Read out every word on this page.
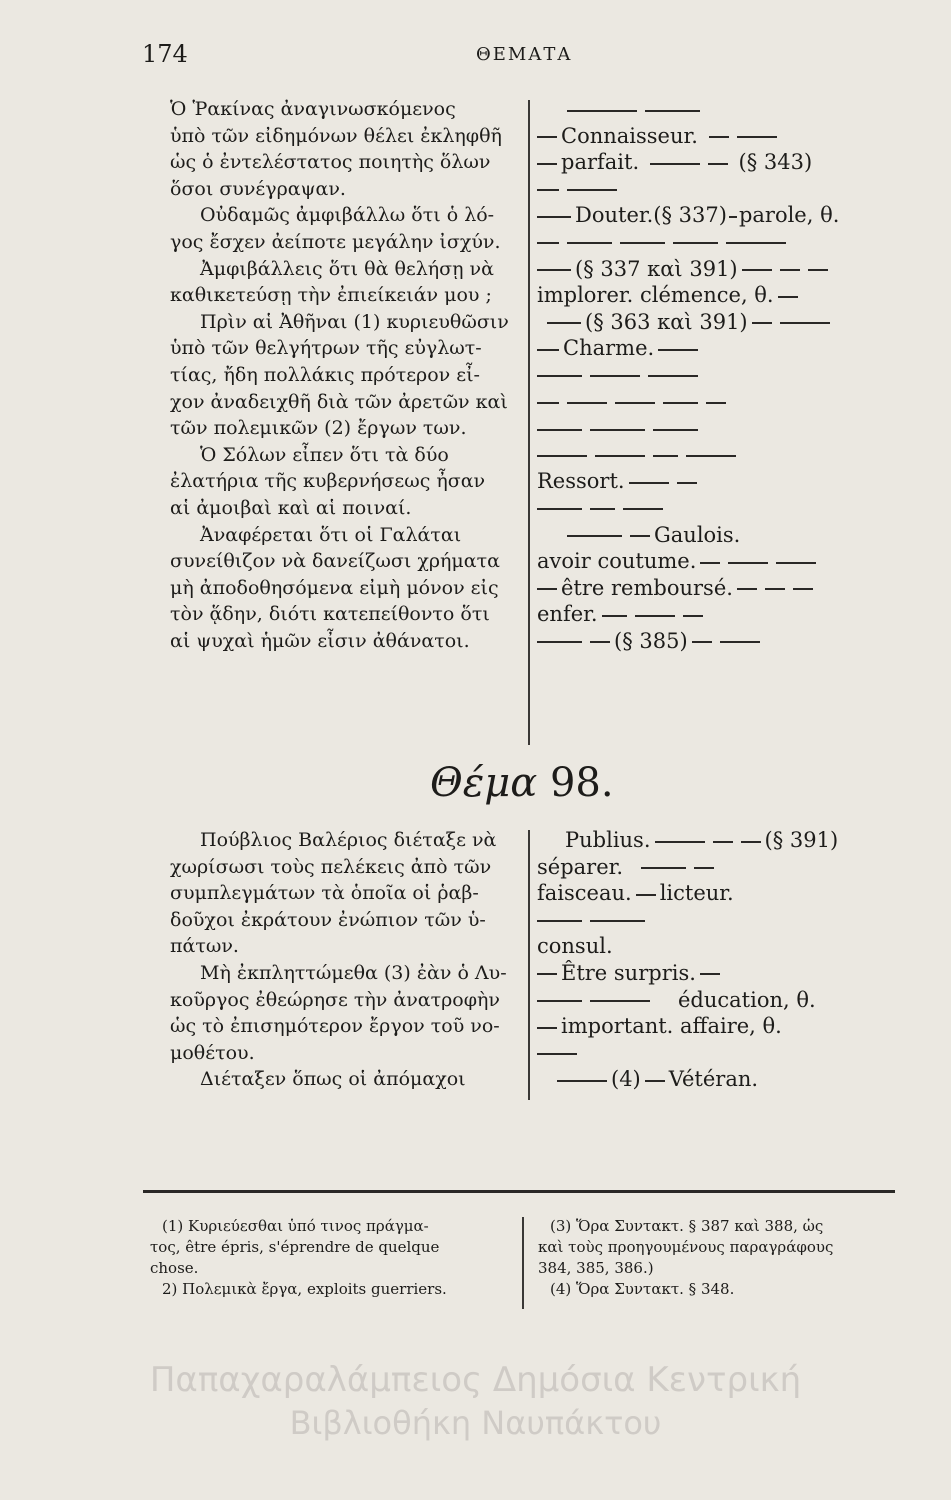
174	ΘΕΜΑΤΑ
Ὁ Ῥακίνας ἀναγινωσκόμενος
ὑπὸ τῶν εἰδημόνων θέλει ἐκληφθῆ
ὡς ὁ ἐντελέστατος ποιητὴς ὅλων
ὅσοι συνέγραψαν.
Οὐδαμῶς ἀμφιβάλλω ὅτι ὁ λό-
γος ἔσχεν ἀείποτε μεγάλην ἰσχύν.
Ἀμφιβάλλεις ὅτι θὰ θελήσῃ νὰ
καθικετεύσῃ τὴν ἐπιείκειάν μου ;
Πρὶν αἱ Ἀθῆναι (1) κυριευθῶσιν
ὑπὸ τῶν θελγήτρων τῆς εὐγλωτ-
τίας, ἤδη πολλάκις πρότερον εἶ-
χον ἀναδειχθῆ διὰ τῶν ἀρετῶν καὶ
τῶν πολεμικῶν (2) ἔργων των.
Ὁ Σόλων εἶπεν ὅτι τὰ δύο
ἐλατήρια τῆς κυβερνήσεως ἦσαν
αἱ ἀμοιβαὶ καὶ αἱ ποιναί.
Ἀναφέρεται ὅτι οἱ Γαλάται
συνείθιζον νὰ δανείζωσι χρήματα
μὴ ἀποδοθησόμενα εἰμὴ μόνον εἰς
τὸν ᾅδην, διότι κατεπείθοντο ὅτι
αἱ ψυχαὶ ἡμῶν εἶσιν ἀθάνατοι.
Connaisseur.
parfait.	(§ 343)
Douter.(§ 337) parole, θ.
(§ 337 καὶ 391)
implorer. clémence, θ.
(§ 363 καὶ 391)
Charme.
Ressort.
Gaulois.
avoir coutume.
être remboursé.
enfer.
(§ 385)
Θέμα 98.
Πούβλιος Βαλέριος διέταξε νὰ
χωρίσωσι τοὺς πελέκεις ἀπὸ τῶν
συμπλεγμάτων τὰ ὁποῖα οἱ ῥαβ-
δοῦχοι ἐκράτουν ἐνώπιον τῶν ὑ-
πάτων.
Μὴ ἐκπληττώμεθα (3) ἐὰν ὁ Λυ-
κοῦργος ἐθεώρησε τὴν ἀνατροφὴν
ὡς τὸ ἐπισημότερον ἔργον τοῦ νο-
μοθέτου.
Διέταξεν ὅπως οἱ ἀπόμαχοι
Publius.	(§ 391)
séparer.
faisceau. licteur.
consul.
Être surpris.
éducation, θ.
important. affaire, θ.
(4) Vétéran.
(1) Κυριεύεσθαι ὑπό τινος πράγμα-
τος, être épris, s'éprendre de quelque
chose.
2) Πολεμικὰ ἔργα, exploits guerriers.
(3) Ὅρα Συντακτ. § 387 καὶ 388, ὡς
καὶ τοὺς προηγουμένους παραγράφους
384, 385, 386.)
(4) Ὅρα Συντακτ. § 348.
Παπαχαραλάμπειος Δημόσια Κεντρική
Βιβλιοθήκη Ναυπάκτου
